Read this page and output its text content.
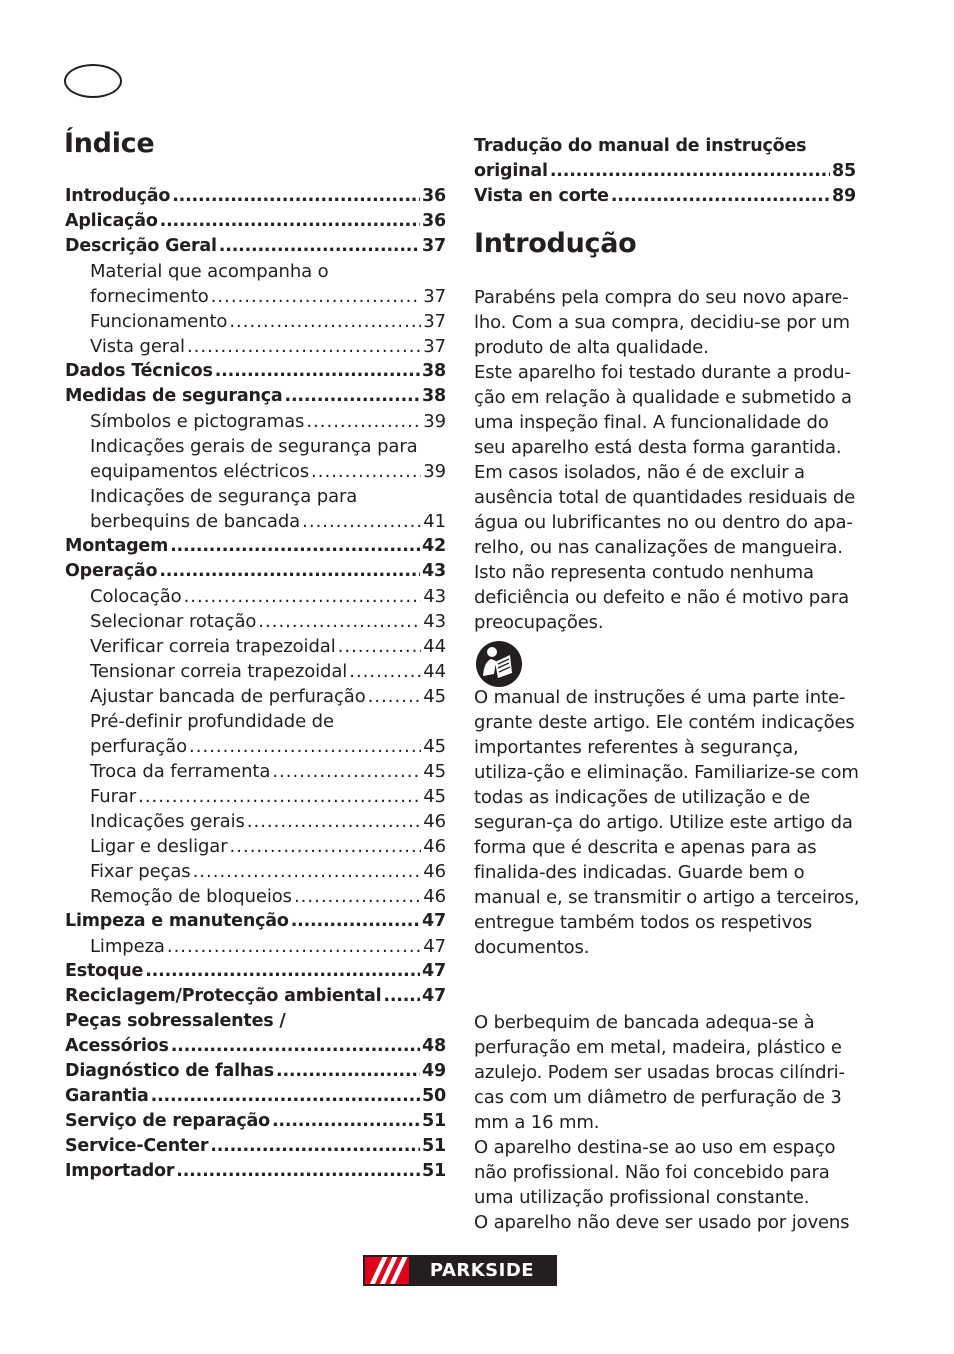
Índice
Introdução .....	36
Aplicação .....	36
Descrição Geral .....	37
Material que acompanha o
fornecimento .....	37
Funcionamento .....	37
Vista geral .....	37
Dados Técnicos .....	38
Medidas de segurança .....	38
Símbolos e pictogramas .....	39
Indicações gerais de segurança para
equipamentos eléctricos .....	39
Indicações de segurança para
berbequins de bancada .....	41
Montagem .....	42
Operação .....	43
Colocação .....	43
Selecionar rotação .....	43
Verificar correia trapezoidal .....	44
Tensionar correia trapezoidal .....	44
Ajustar bancada de perfuração .....	45
Pré-definir profundidade de
perfuração .....	45
Troca da ferramenta .....	45
Furar .....	45
Indicações gerais .....	46
Ligar e desligar .....	46
Fixar peças .....	46
Remoção de bloqueios .....	46
Limpeza e manutenção .....	47
Limpeza .....	47
Estoque .....	47
Reciclagem/Protecção ambiental ..... 47
Peças sobressalentes /
Acessórios .....	48
Diagnóstico de falhas .....	49
Garantia .....	50
Serviço de reparação .....	51
Service-Center .....	51
Importador .....	51
Tradução do manual de instruções
original .....	85
Vista en corte .....	89
Introdução

Parabéns pela compra do seu novo apare-lho. Com a sua compra, decidiu-se por um produto de alta qualidade.

Este aparelho foi testado durante a produ-ção em relação à qualidade e submetido a uma inspeção final. A funcionalidade do seu aparelho está desta forma garantida. Em casos isolados, não é de excluir a ausência total de quantidades residuais de água ou lubrificantes no ou dentro do apa-relho, ou nas canalizações de mangueira. Isto não representa contudo nenhuma deficiência ou defeito e não é motivo para preocupações.

O manual de instruções é uma parte inte-grante deste artigo. Ele contém indicações importantes referentes à segurança, utiliza-ção e eliminação. Familiarize-se com todas as indicações de utilização e de seguran-ça do artigo. Utilize este artigo da forma que é descrita e apenas para as finalida-des indicadas. Guarde bem o manual e, se transmitir o artigo a terceiros, entregue também todos os respetivos documentos.

O berbequim de bancada adequa-se à perfuração em metal, madeira, plástico e azulejo. Podem ser usadas brocas cilíndri-cas com um diâmetro de perfuração de 3 mm a 16 mm.

O aparelho destina-se ao uso em espaço não profissional. Não foi concebido para uma utilização profissional constante.

O aparelho não deve ser usado por jovens

PARKSIDE
